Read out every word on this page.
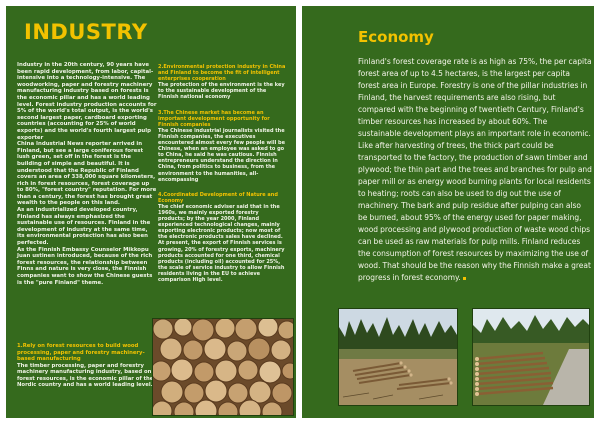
INDUSTRY

Industry in the 20th century, 90 years have been rapid development, from labor, capital-intensive into a technology-intensive. The woodworking, paper and forestry machinery manufacturing industry based on forests is the economic pillar and has a world leading level. Forest industry production accounts for 5% of the world's total output, is the world's second largest paper, cardboard exporting countries (accounting for 25% of world exports) and the world's fourth largest pulp exporter

China Industrial News reporter arrived in Finland, but see a large coniferous forest lush green, set off in the forest is the building of simple and beautiful. It is understood that the Republic of Finland covers an area of 338,000 square kilometers, rich in forest resources, forest coverage up to 80%, "forest country" reputation. For more than a century, the forest has brought great wealth to the people on this land.

As an industrialized developed country, Finland has always emphasized the sustainable use of resources. Finland in the development of industry at the same time, its environmental protection has also been perfected.

As the Finnish Embassy Counselor Mikkopu Juan ustinen introduced, because of the rich forest resources, the relationship between Finns and nature is very close, the Finnish companies want to show the Chinese guests is the "pure Finland" theme.

1.Rely on forest resources to build wood processing, paper and forestry machinery-based manufacturing

The timber processing, paper and forestry machinery manufacturing industry, based on forest resources, is the economic pillar of the Nordic country and has a world leading level.

2.Environmental protection industry in China and Finland to become the fit of intelligent enterprises cooperation
The protection of the environment is the key to the sustainable development of the Finnish national economy
3.The Chinese market has become an important development opportunity for Finnish companies
The Chinese industrial journalists visited the Finnish companies, the executives encountered almost every few people will be Chinese, when an employee was asked to go to China, he said he was cautious. Finnish entrepreneurs understand the direction in China, from politics to business, from the environment to the humanities, all-encompassing
4.Coordinated Development of Nature and Economy
The chief economic adviser said that in the 1960s, we mainly exported forestry products; by the year 2000, Finland experienced technological changes, mainly exporting electronic products; now most of the electronic products sales have declined. At present, the export of Finnish services is growing, 20% of forestry exports, machinery products accounted for one third, chemical products (including oil) accounted for 25%, the scale of service industry to allow Finnish residents living in the EU to achieve comparison High level.
Economy

Finland's forest coverage rate is as high as 75%, the per capita forest area of up to 4.5 hectares, is the largest per capita forest area in Europe. Forestry is one of the pillar industries in Finland, the harvest requirements are also rising, but compared with the beginning of twentieth Century, Finland's timber resources has increased by about 60%. The sustainable development plays an important role in economic. Like after harvesting of trees, the thick part could be transported to the factory, the production of sawn timber and plywood; the thin part and the trees and branches for pulp and paper mill or as energy wood burning plants for local residents to heating; roots can also be used to dig out the use of machinery. The bark and pulp residue after pulping can also be burned, about 95% of the energy used for paper making, wood processing and plywood production of waste wood chips can be used as raw materials for pulp mills. Finland reduces the consumption of forest resources by maximizing the use of wood. That should be the reason why the Finnish make a great progress in forest economy.
